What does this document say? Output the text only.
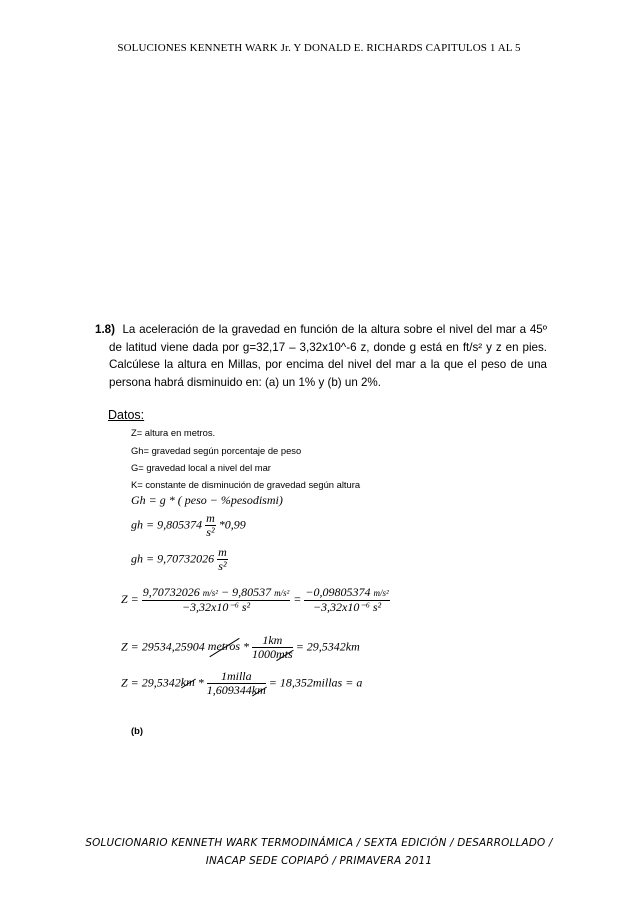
SOLUCIONES KENNETH WARK Jr. Y DONALD E. RICHARDS CAPITULOS 1 AL 5
1.8) La aceleración de la gravedad en función de la altura sobre el nivel del mar a 45º de latitud viene dada por g=32,17 – 3,32x10^-6 z, donde g está en ft/s² y z en pies. Calcúlese la altura en Millas, por encima del nivel del mar a la que el peso de una persona habrá disminuido en: (a) un 1% y (b) un 2%.
Datos:
Z= altura en metros.
Gh= gravedad según porcentaje de peso
G= gravedad local a nivel del mar
K= constante de disminución de gravedad según altura
Gh = g * ( peso − %pesodismi)
gh = $9,805374 \frac{m}{\text{s²}} *0,99$
gh = $9,70732026 \frac{m}{\text{s²}}$
$Z = \frac{\text{9,70732026 m/s² − 9,80537 m/s²}}{\text{−3,32x10⁻⁶ s²}} = \frac{\text{−0,09805374 m/s²}}{\text{−3,32x10⁻⁶ s²}}$
Z = 29534,25904 metros * $\frac{1km}{\text{1000mts}} = 29,5342km$
$Z = 29,5342km * \frac{\text{1milla}}{1,609344km}$ = 18,352millas = a
(b)
SOLUCIONARIO KENNETH WARK TERMODINÁMICA / SEXTA EDICIÓN / DESARROLLADO /
INACAP SEDE COPIAPÓ / PRIMAVERA 2011
